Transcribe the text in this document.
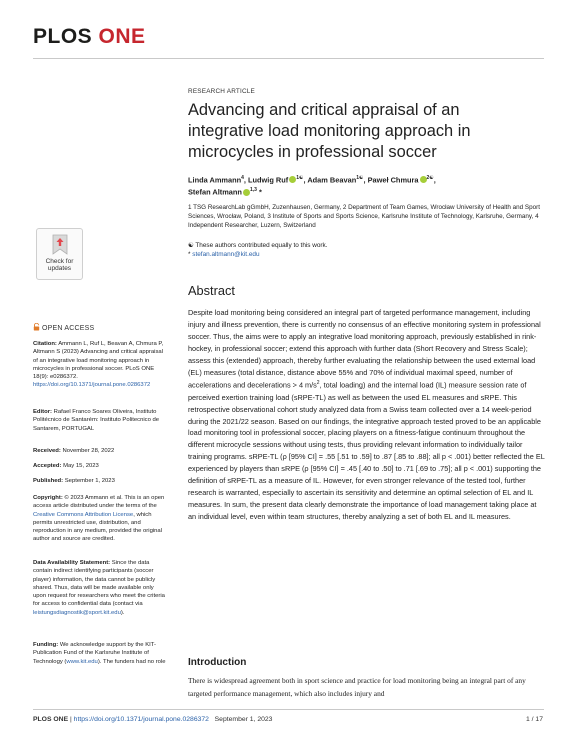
PLOS ONE
Check for
updates
OPEN ACCESS
Citation: Ammann L, Ruf L, Beavan A, Chmura P, Altmann S (2023) Advancing and critical appraisal of an integrative load monitoring approach in microcycles in professional soccer. PLoS ONE 18(9): e0286372. https://doi.org/10.1371/journal.pone.0286372
Editor: Rafael Franco Soares Oliveira, Instituto Politécnico de Santarém: Instituto Politecnico de Santarem, PORTUGAL
Received: November 28, 2022
Accepted: May 15, 2023
Published: September 1, 2023
Copyright: © 2023 Ammann et al. This is an open access article distributed under the terms of the Creative Commons Attribution License, which permits unrestricted use, distribution, and reproduction in any medium, provided the original author and source are credited.
Data Availability Statement: Since the data contain indirect identifying participants (soccer player) information, the data cannot be publicly shared. Thus, data will be made available only upon request for researchers who meet the criteria for access to confidential data (contact via leistungsdiagnostik@sport.kit.edu).
Funding: We acknowledge support by the KIT-Publication Fund of the Karlsruhe Institute of Technology (www.kit.edu). The funders had no role
RESEARCH ARTICLE
Advancing and critical appraisal of an integrative load monitoring approach in microcycles in professional soccer
Linda Ammann$^4$, Ludwig Ruf $^{1☯}$, Adam Beavan$^{1☯}$, Paweł Chmura $^{2☯}$,
Stefan Altmann $^{1,3}$ *
1 TSG ResearchLab gGmbH, Zuzenhausen, Germany, 2 Department of Team Games, Wrocław University of Health and Sport Sciences, Wrocław, Poland, 3 Institute of Sports and Sports Science, Karlsruhe Institute of Technology, Karlsruhe, Germany, 4 Independent Researcher, Luzern, Switzerland
☯ These authors contributed equally to this work.
* stefan.altmann@kit.edu
Abstract
Despite load monitoring being considered an integral part of targeted performance management, including injury and illness prevention, there is currently no consensus of an effective monitoring system in professional soccer. Thus, the aims were to apply an integrative load monitoring approach, previously established in rink-hockey, in professional soccer; extend this approach with further data (Short Recovery and Stress Scale); assess this (extended) approach, thereby further evaluating the relationship between the used external load (EL) measures (total distance, distance above 55% and 70% of individual maximal speed, number of accelerations and decelerations > 4 $m/s^2$, total loading) and the internal load (IL) measure session rate of perceived exertion training load (sRPE-TL) as well as between the used EL measures and sRPE. This retrospective observational cohort study analyzed data from a Swiss team collected over a 14 week-period during the 2021/22 season. Based on our findings, the integrative approach tested proved to be an applicable load monitoring tool in professional soccer, placing players on a fitness-fatigue continuum throughout the different microcycle sessions without using tests, thus providing relevant information to individually tailor training programs. sRPE-TL (ρ [95% CI] = .55 [.51 to .59] to .87 [.85 to .88]; all p < .001) better reflected the EL experienced by players than sRPE (ρ [95% CI] = .45 [.40 to .50] to .71 [.69 to .75]; all p < .001) supporting the definition of sRPE-TL as a measure of IL. However, for even stronger relevance of the tested tool, further research is warranted, especially to ascertain its sensitivity and determine an optimal selection of EL and IL measures. In sum, the present data clearly demonstrate the importance of load management taking place at an individual level, even within team structures, thereby analyzing a set of both EL and IL measures.
Introduction
There is widespread agreement both in sport science and practice for load monitoring being an integral part of any targeted performance management, which also includes injury and
PLOS ONE | https://doi.org/10.1371/journal.pone.0286372 September 1, 2023	1 / 17
